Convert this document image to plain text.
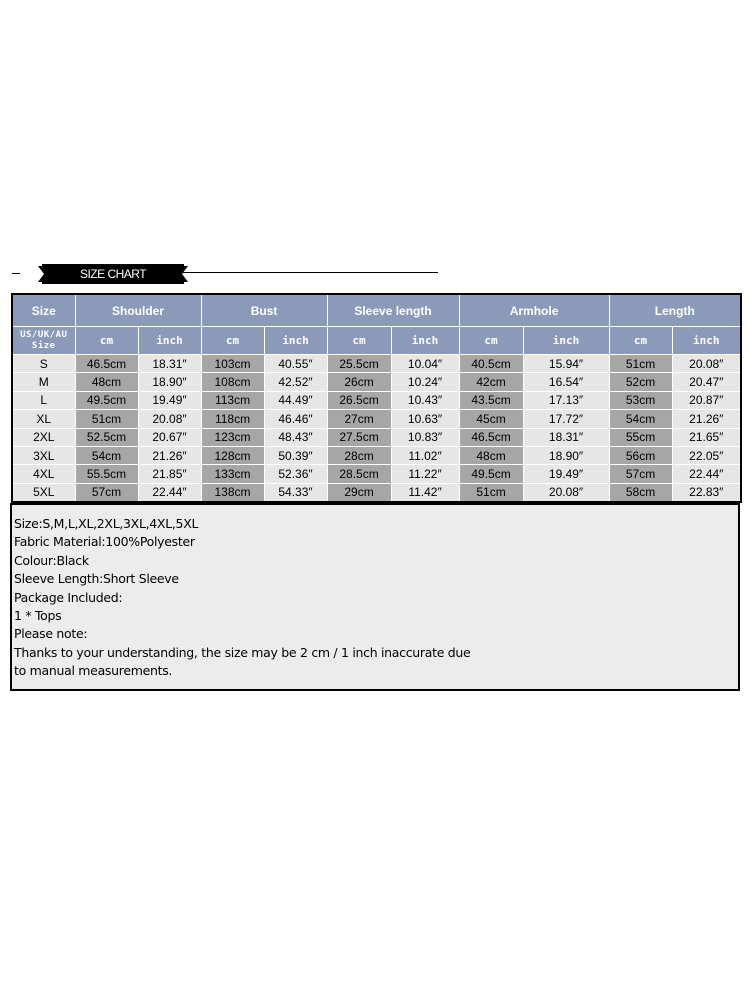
SIZE CHART
Size	Shoulder		Bust		Sleeve length		Armhole		Length	
US/UK/AU Size	cm	inch	cm	inch	cm	inch	cm	inch	cm	inch
S	46.5cm	18.31″	103cm	40.55″	25.5cm	10.04″	40.5cm	15.94″	51cm	20.08″
M	48cm	18.90″	108cm	42.52″	26cm	10.24″	42cm	16.54″	52cm	20.47″
L	49.5cm	19.49″	113cm	44.49″	26.5cm	10.43″	43.5cm	17.13″	53cm	20.87″
XL	51cm	20.08″	118cm	46.46″	27cm	10.63″	45cm	17.72″	54cm	21.26″
2XL	52.5cm	20.67″	123cm	48.43″	27.5cm	10.83″	46.5cm	18.31″	55cm	21.65″
3XL	54cm	21.26″	128cm	50.39″	28cm	11.02″	48cm	18.90″	56cm	22.05″
4XL	55.5cm	21.85″	133cm	52.36″	28.5cm	11.22″	49.5cm	19.49″	57cm	22.44″
5XL	57cm	22.44″	138cm	54.33″	29cm	11.42″	51cm	20.08″	58cm	22.83″
Size:S,M,L,XL,2XL,3XL,4XL,5XL
Fabric Material:100%Polyester
Colour:Black
Sleeve Length:Short Sleeve
Package Included:
1 * Tops
Please note:
Thanks to your understanding, the size may be 2 cm / 1 inch inaccurate due
to manual measurements.
